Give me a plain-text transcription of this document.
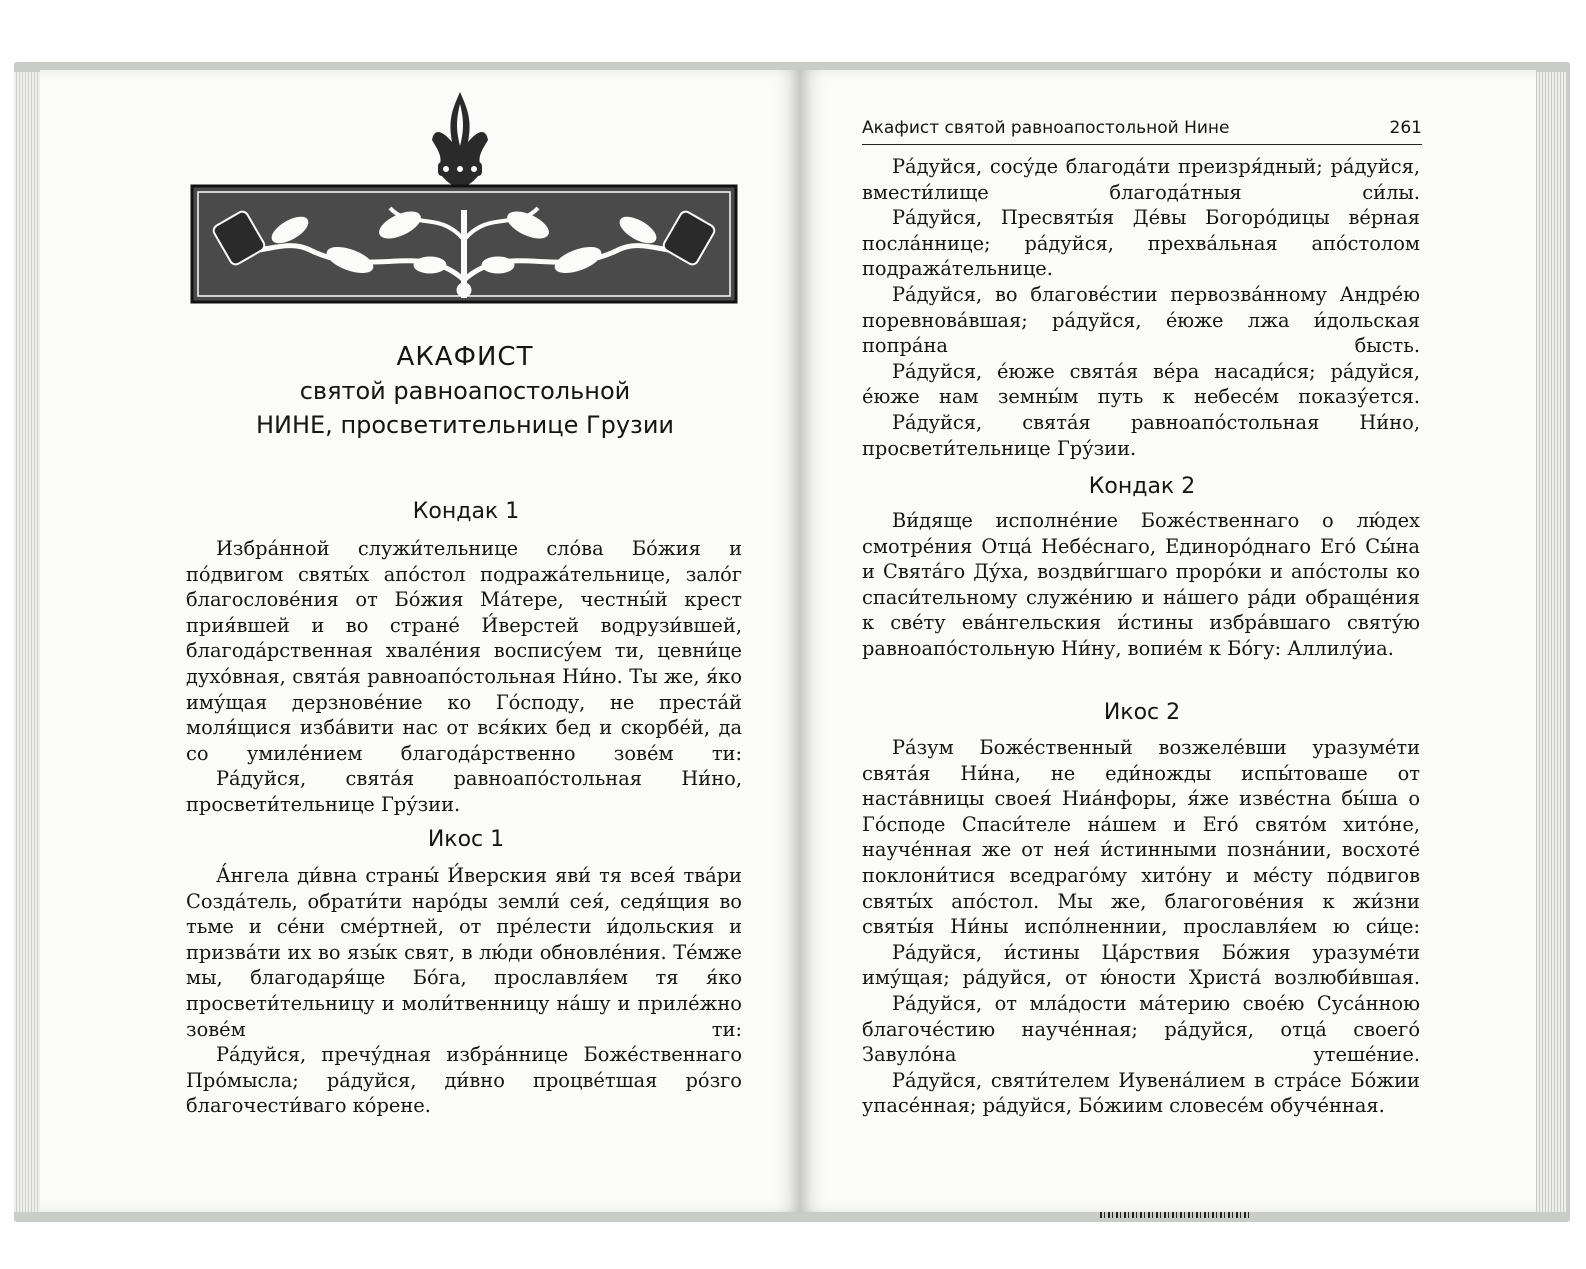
АКАФИСТ
святой равноапостольной
НИНЕ, просветительнице Грузии
Кондак 1

Избра́нной служи́тельнице сло́ва Бо́жия и по́двигом святы́х апо́стол подража́тельнице, зало́г благослове́ния от Бо́жия Ма́тере, честны́й крест прия́вшей и во стране́ И́верстей водрузи́вшей, благода́рственная хвале́ния воспису́ем ти, цевни́це духо́вная, свята́я равноапо́стольная Ни́но. Ты же, я́ко иму́щая дерзнове́ние ко Го́споду, не преста́й моля́щися изба́вити нас от вся́ких бед и скорбе́й, да со умиле́нием благода́рственно зове́м ти:

Ра́дуйся, свята́я равноапо́стольная Ни́но, просвети́тельнице Гру́зии.

Икос 1

А́нгела ди́вна страны́ И́верския яви́ тя всея́ тва́ри Созда́тель, обрати́ти наро́ды земли́ сея́, седя́щия во тьме и се́ни сме́ртней, от пре́лести и́дольския и призва́ти их во язы́к свят, в лю́ди обновле́ния. Те́мже мы, благодаря́ще Бо́га, прославля́ем тя я́ко просвети́тельницу и моли́твенницу на́шу и приле́жно зове́м ти:

Ра́дуйся, пречу́дная избра́ннице Боже́ственнаго Про́мысла; ра́дуйся, ди́вно процве́тшая ро́зго благочести́ваго ко́рене.

Акафист святой равноапостольной Нине	261

Ра́дуйся, сосу́де благода́ти преизря́дный; ра́дуйся, вмести́лище благода́тныя си́лы.

Ра́дуйся, Пресвяты́я Де́вы Богоро́дицы ве́рная посла́ннице; ра́дуйся, прехва́льная апо́столом подража́тельнице.

Ра́дуйся, во благове́стии первозва́нному Андре́ю поревнова́вшая; ра́дуйся, е́юже лжа и́дольская попра́на бысть.

Ра́дуйся, е́юже свята́я ве́ра насади́ся; ра́дуйся, е́юже нам земны́м путь к небесе́м показу́ется.

Ра́дуйся, свята́я равноапо́стольная Ни́но, просвети́тельнице Гру́зии.

Кондак 2

Ви́дяще исполне́ние Боже́ственнаго о лю́дех смотре́ния Отца́ Небе́снаго, Единоро́днаго Его́ Сы́на и Свята́го Ду́ха, воздви́гшаго проро́ки и апо́столы ко спаси́тельному служе́нию и на́шего ра́ди обраще́ния к све́ту ева́нгельския и́стины избра́вшаго святу́ю равноапо́стольную Ни́ну, вопие́м к Бо́гу: Аллилу́иа.

Икос 2

Ра́зум Боже́ственный возжеле́вши уразуме́ти свята́я Ни́на, не еди́ножды испы́товаше от наста́вницы своея́ Ниа́нфоры, я́же изве́стна бы́ша о Го́споде Спаси́теле на́шем и Его́ свято́м хито́не, науче́нная же от нея́ и́стинными позна́нии, восхоте́ поклони́тися вседраго́му хито́ну и ме́сту по́двигов святы́х апо́стол. Мы же, благогове́ния к жи́зни святы́я Ни́ны испо́лненнии, прославля́ем ю си́це:

Ра́дуйся, и́стины Ца́рствия Бо́жия уразуме́ти иму́щая; ра́дуйся, от ю́ности Христа́ возлюби́вшая.

Ра́дуйся, от мла́дости ма́терию свое́ю Суса́нною благоче́стию науче́нная; ра́дуйся, отца́ своего́ Завуло́на утеше́ние.

Ра́дуйся, святи́телем Иувена́лием в стра́се Бо́жии упасе́нная; ра́дуйся, Бо́жиим словесе́м обуче́нная.
